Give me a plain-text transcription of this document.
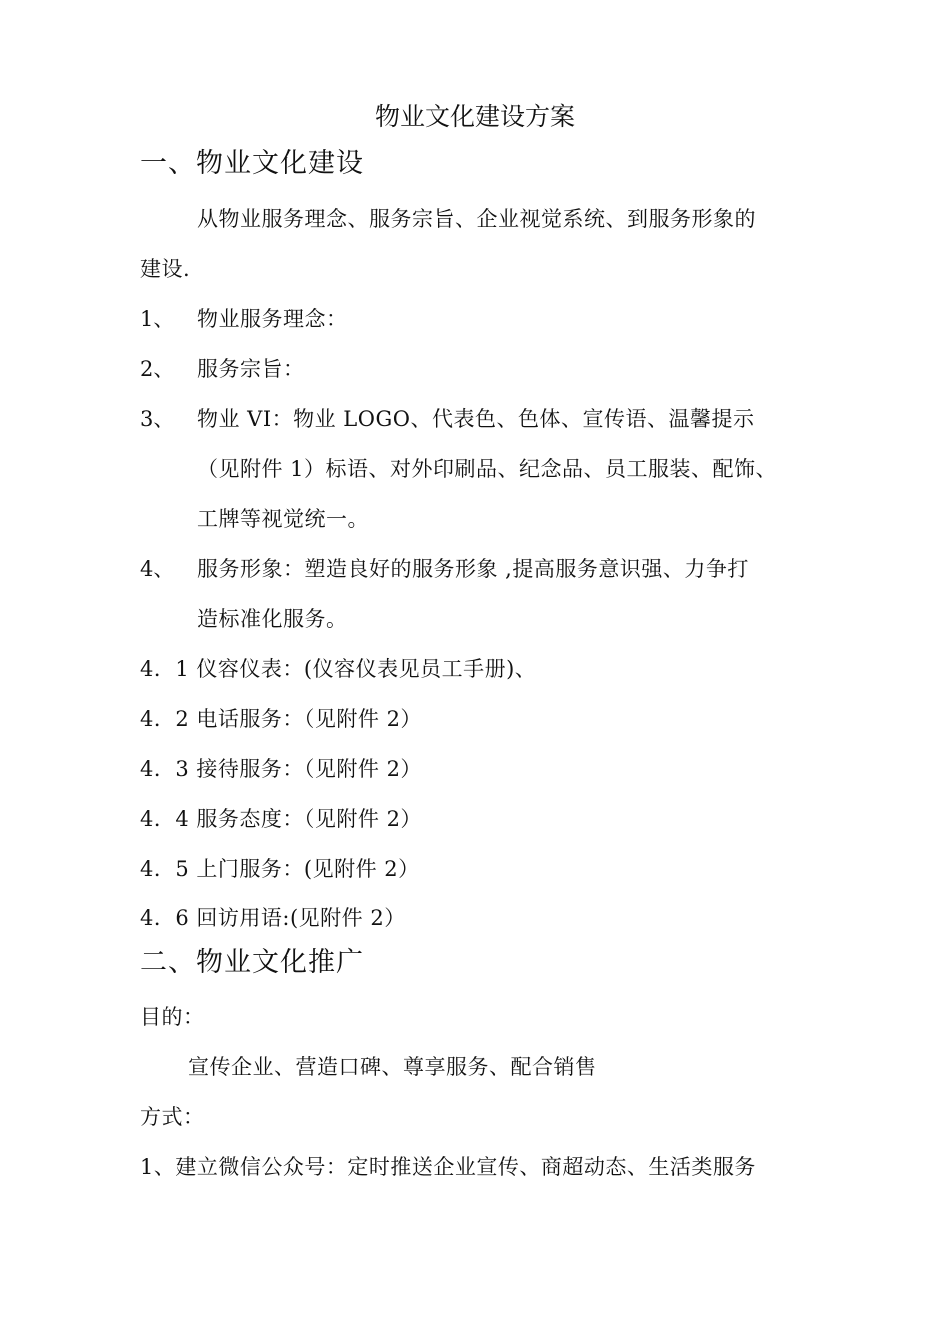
物业文化建设方案
一、物业文化建设
从物业服务理念、服务宗旨、企业视觉系统、到服务形象的
建设.
1、 物业服务理念：
2、 服务宗旨：
3、 物业 VI：物业 LOGO、代表色、色体、宣传语、温馨提示
（见附件 1）标语、对外印刷品、纪念品、员工服装、配饰、
工牌等视觉统一。
4、 服务形象：塑造良好的服务形象 ,提高服务意识强、力争打
造标准化服务。
4．1 仪容仪表：(仪容仪表见员工手册)、
4．2 电话服务：（见附件 2）
4．3 接待服务：（见附件 2）
4．4 服务态度：（见附件 2）
4．5 上门服务：(见附件 2）
4．6 回访用语:(见附件 2）
二、物业文化推广
目的：
宣传企业、营造口碑、尊享服务、配合销售
方式：
1、建立微信公众号：定时推送企业宣传、商超动态、生活类服务
